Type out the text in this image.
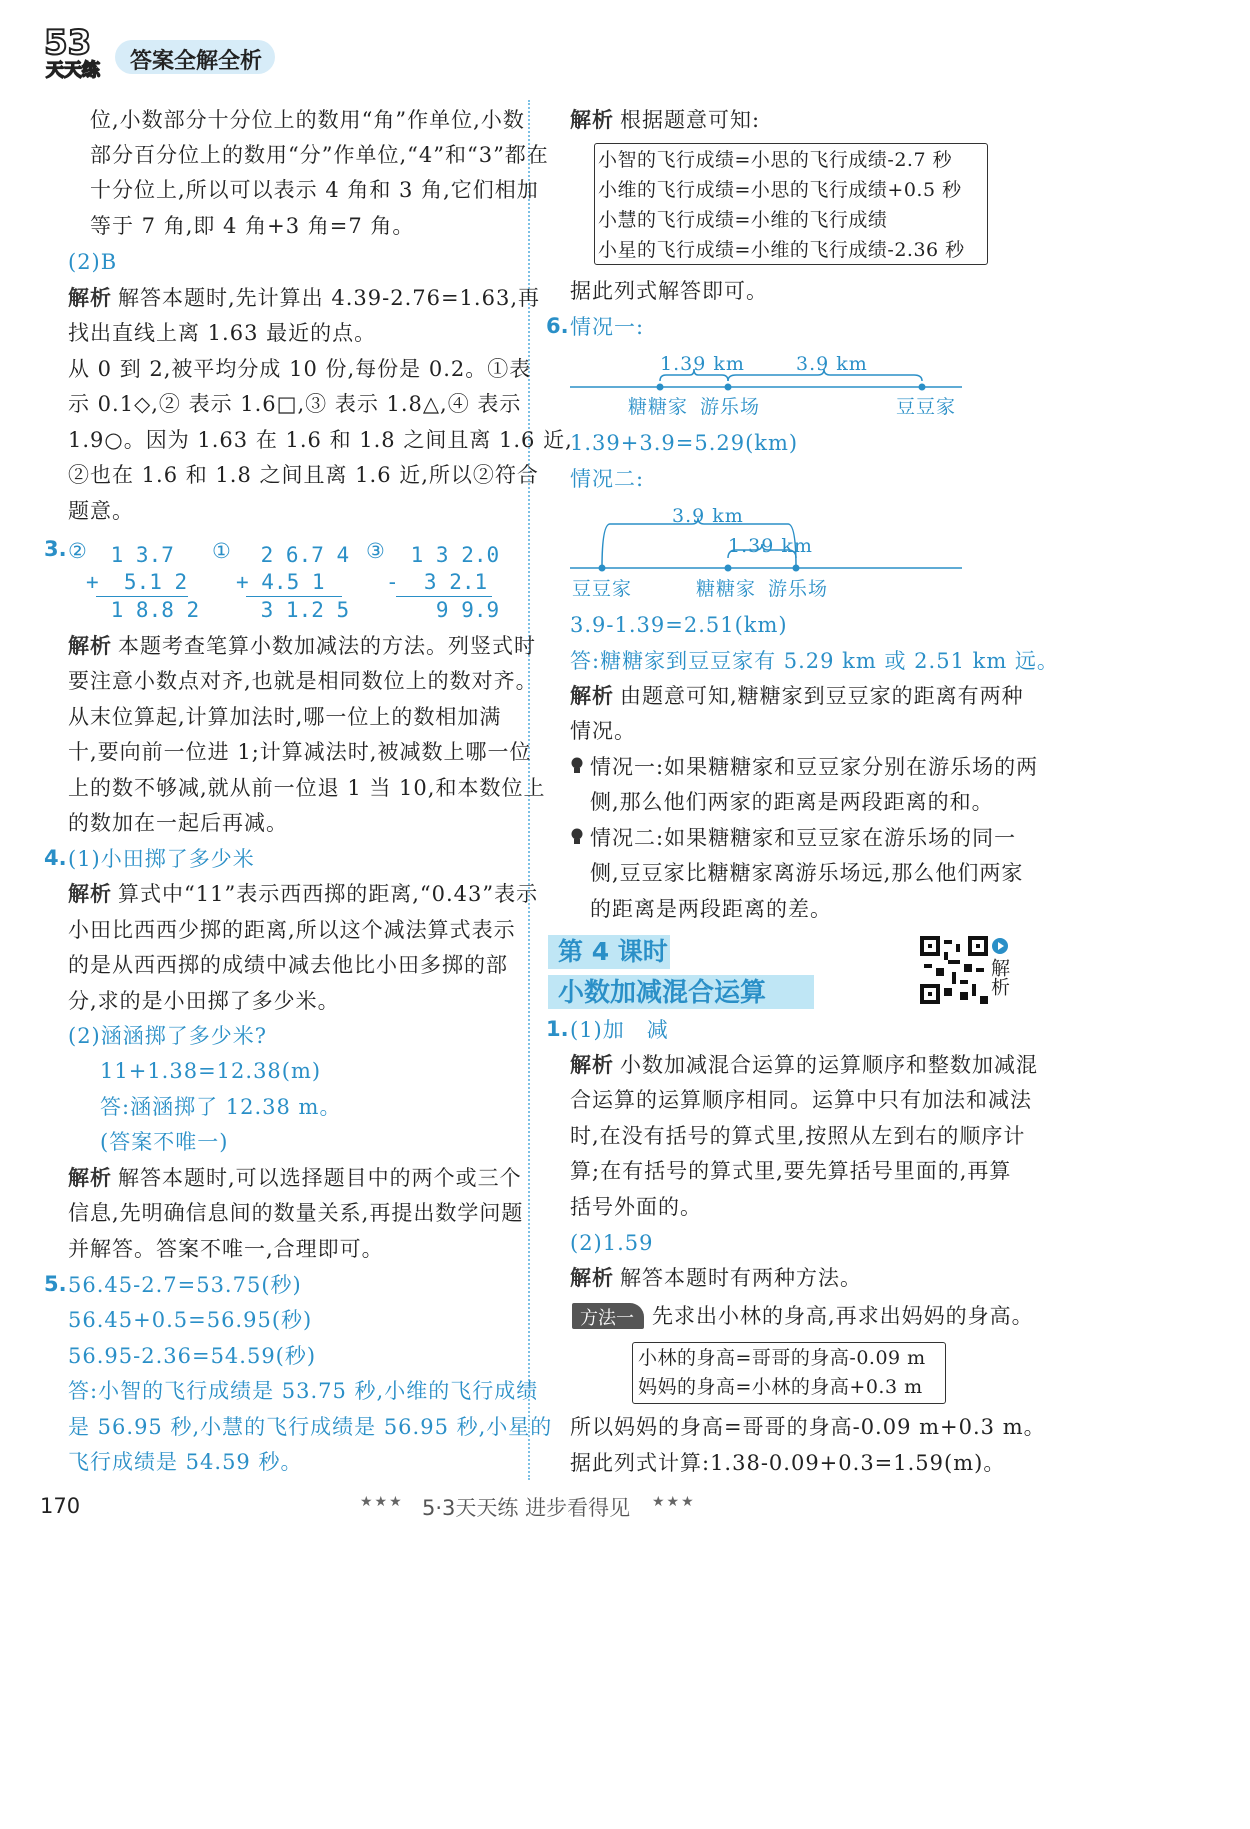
53
天天练 答案全解全析
位,小数部分十分位上的数用“角”作单位,小数
部分百分位上的数用“分”作单位,“4”和“3”都在
十分位上,所以可以表示 4 角和 3 角,它们相加
等于 7 角,即 4 角+3 角=7 角。
(2)B
解析 解答本题时,先计算出 4.39-2.76=1.63,再
找出直线上离 1.63 最近的点。
从 0 到 2,被平均分成 10 份,每份是 0.2。①表
示 0.1◇,② 表示 1.6□,③ 表示 1.8△,④ 表示
1.9○。因为 1.63 在 1.6 和 1.8 之间且离 1.6 近,
②也在 1.6 和 1.8 之间且离 1.6 近,所以②符合
题意。
3. ② 1 3.7
+  5.1 2
1 8.8 2
① 2 6.7 4
+ 4.5 1
3 1.2 5
③ 1 3 2.0
-  3 2.1
9 9.9
解析 本题考查笔算小数加减法的方法。列竖式时
要注意小数点对齐,也就是相同数位上的数对齐。
从末位算起,计算加法时,哪一位上的数相加满
十,要向前一位进 1;计算减法时,被减数上哪一位
上的数不够减,就从前一位退 1 当 10,和本数位上
的数加在一起后再减。
4. (1)小田掷了多少米
解析 算式中“11”表示西西掷的距离,“0.43”表示
小田比西西少掷的距离,所以这个减法算式表示
的是从西西掷的成绩中减去他比小田多掷的部
分,求的是小田掷了多少米。
(2)涵涵掷了多少米?
11+1.38=12.38(m)
答:涵涵掷了 12.38 m。
(答案不唯一)
解析 解答本题时,可以选择题目中的两个或三个
信息,先明确信息间的数量关系,再提出数学问题
并解答。答案不唯一,合理即可。
5. 56.45-2.7=53.75(秒)
56.45+0.5=56.95(秒)
56.95-2.36=54.59(秒)
答:小智的飞行成绩是 53.75 秒,小维的飞行成绩
是 56.95 秒,小慧的飞行成绩是 56.95 秒,小星的
飞行成绩是 54.59 秒。
解析 根据题意可知:
小智的飞行成绩=小思的飞行成绩-2.7 秒
小维的飞行成绩=小思的飞行成绩+0.5 秒
小慧的飞行成绩=小维的飞行成绩
小星的飞行成绩=小维的飞行成绩-2.36 秒
据此列式解答即可。
6. 情况一:
1.39 km	3.9 km
糖糖家 游乐场	豆豆家
1.39+3.9=5.29(km)
情况二:
3.9 km
1.39 km
豆豆家	糖糖家 游乐场
3.9-1.39=2.51(km)
答:糖糖家到豆豆家有 5.29 km 或 2.51 km 远。
解析 由题意可知,糖糖家到豆豆家的距离有两种
情况。
情况一:如果糖糖家和豆豆家分别在游乐场的两
侧,那么他们两家的距离是两段距离的和。
情况二:如果糖糖家和豆豆家在游乐场的同一
侧,豆豆家比糖糖家离游乐场远,那么他们两家
的距离是两段距离的差。
第 4 课时
小数加减混合运算	解析
1. (1)加　减
解析 小数加减混合运算的运算顺序和整数加减混
合运算的运算顺序相同。运算中只有加法和减法
时,在没有括号的算式里,按照从左到右的顺序计
算;在有括号的算式里,要先算括号里面的,再算
括号外面的。
(2)1.59
解析 解答本题时有两种方法。
方法一 先求出小林的身高,再求出妈妈的身高。
小林的身高=哥哥的身高-0.09 m
妈妈的身高=小林的身高+0.3 m
所以妈妈的身高=哥哥的身高-0.09 m+0.3 m。
据此列式计算:1.38-0.09+0.3=1.59(m)。
170	★★★ 5·3天天练 进步看得见 ★★★
